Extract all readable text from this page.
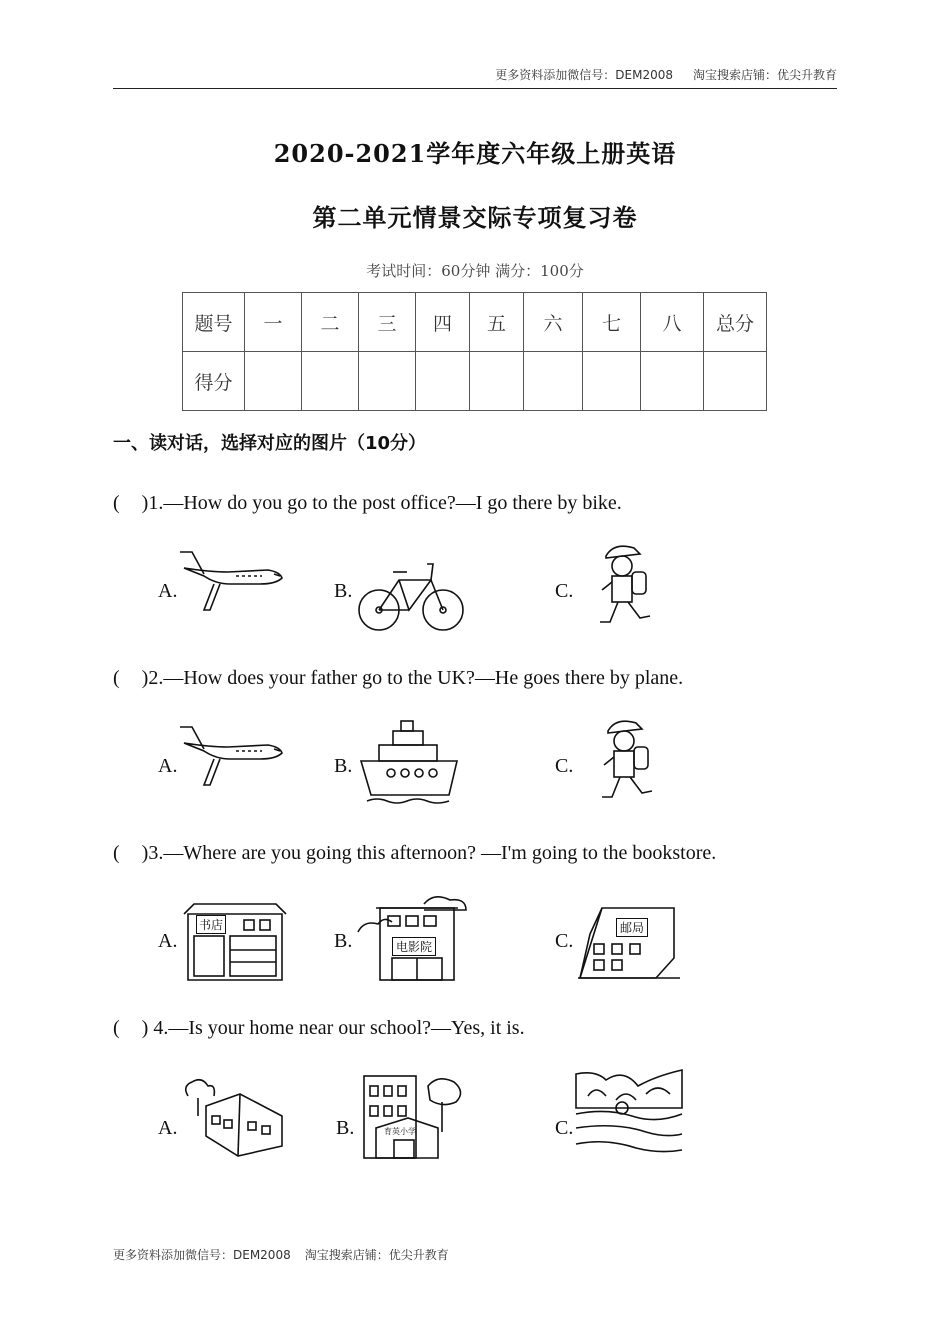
更多资料添加微信号：DEM2008 淘宝搜索店铺：优尖升教育
2020-2021学年度六年级上册英语
第二单元情景交际专项复习卷
考试时间：60分钟 满分：100分
题号	一	二	三	四	五	六	七	八	总分
得分									
一、读对话，选择对应的图片（10分）
( )1.—How do you go to the post office?—I go there by bike.
A.	B.	C.
( )2.—How does your father go to the UK?—He goes there by plane.
A.	B.	C.
( )3.—Where are you going this afternoon? —I'm going to the bookstore.
A.	B.	C.
书店
电影院
邮局
( ) 4.—Is your home near our school?—Yes, it is.
A.	B.	C.
育英小学
更多资料添加微信号：DEM2008 淘宝搜索店铺：优尖升教育
